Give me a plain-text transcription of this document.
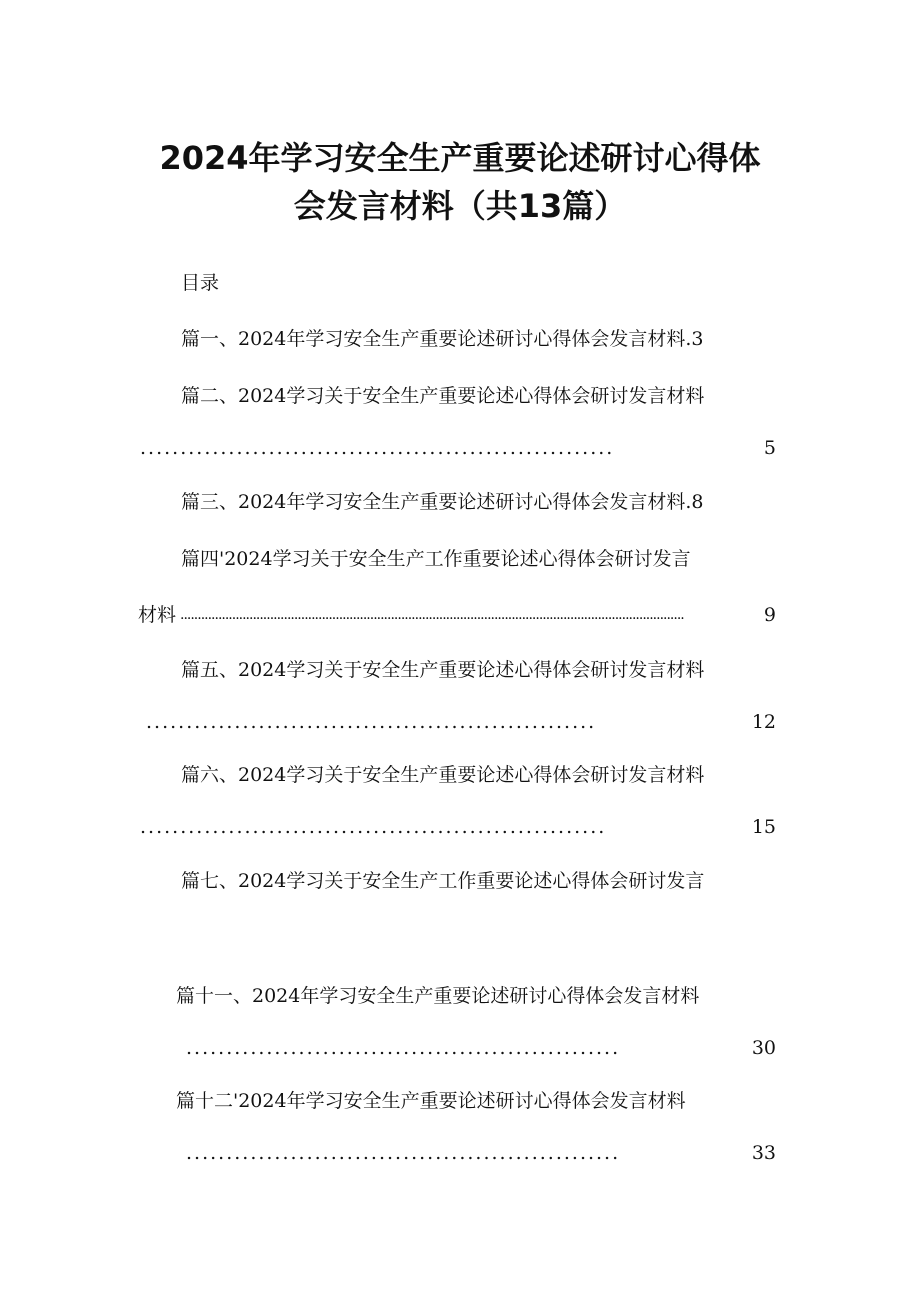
2024年学习安全生产重要论述研讨心得体
会发言材料（共13篇）
目录
篇一、2024年学习安全生产重要论述研讨心得体会发言材料.3
篇二、2024学习关于安全生产重要论述心得体会研讨发言材料
...........................................................	5
篇三、2024年学习安全生产重要论述研讨心得体会发言材料.8
篇四'2024学习关于安全生产工作重要论述心得体会研讨发言
材料 ..................................................................................................................................................	9
篇五、2024学习关于安全生产重要论述心得体会研讨发言材料
........................................................	12
篇六、2024学习关于安全生产重要论述心得体会研讨发言材料
..........................................................	15
篇七、2024学习关于安全生产工作重要论述心得体会研讨发言
篇十一、2024年学习安全生产重要论述研讨心得体会发言材料
......................................................	30
篇十二'2024年学习安全生产重要论述研讨心得体会发言材料
......................................................	33
